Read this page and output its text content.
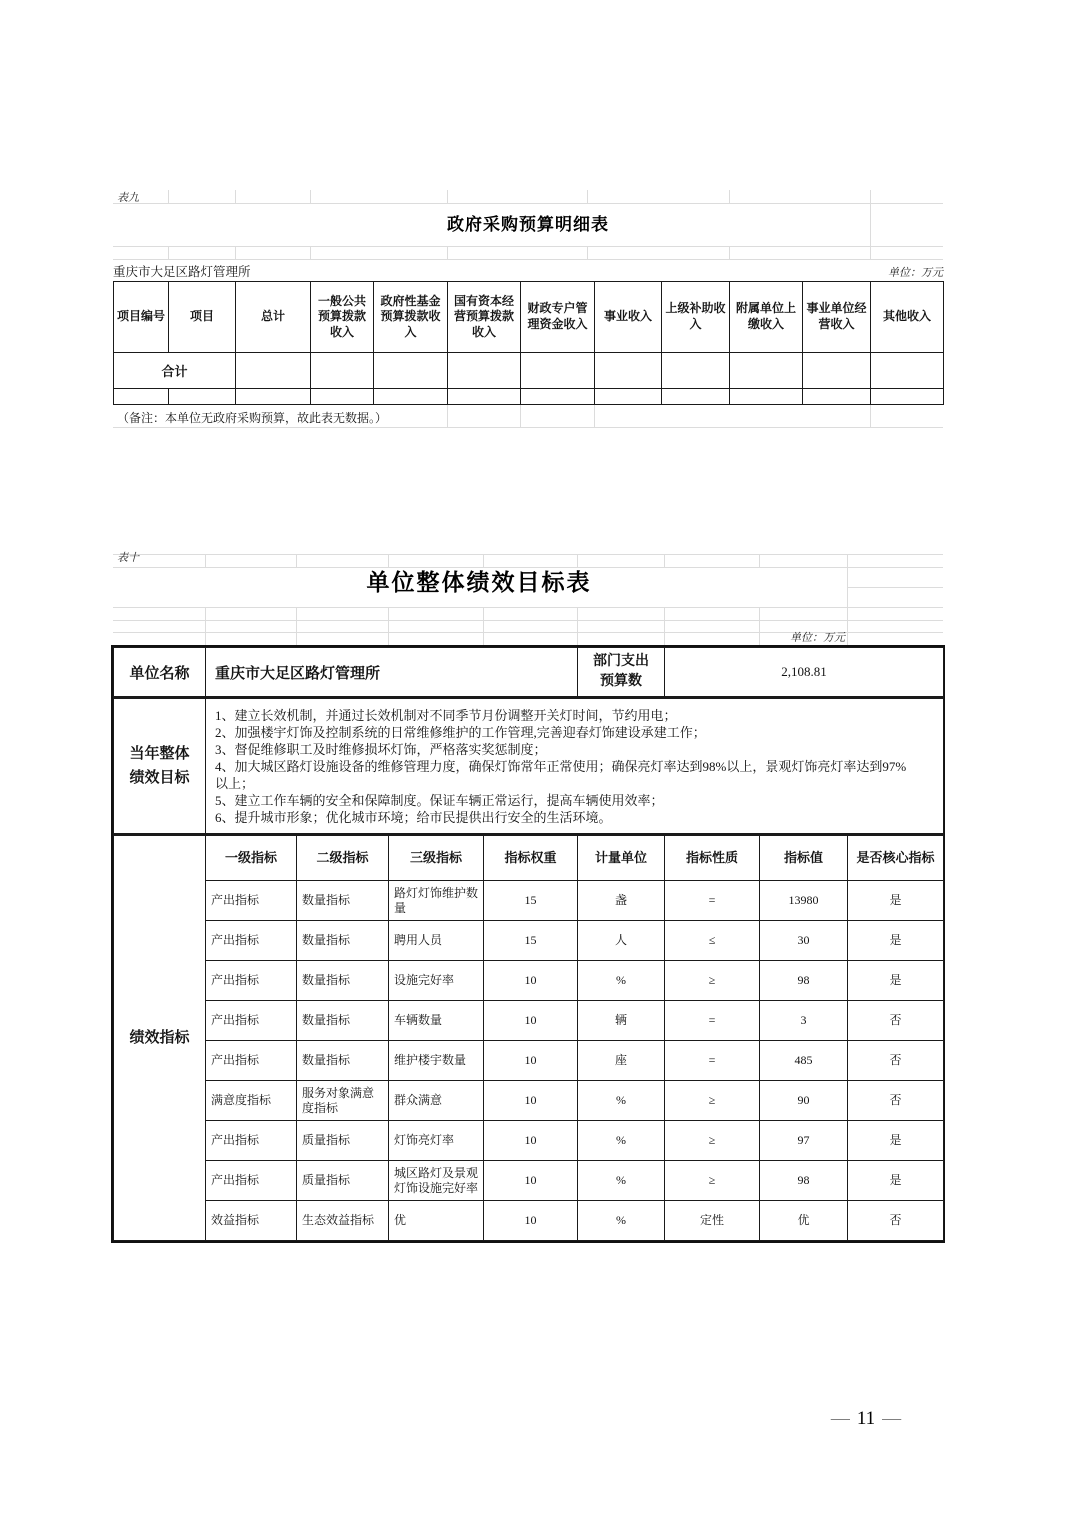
表九
政府采购预算明细表
重庆市大足区路灯管理所	单位：万元
项目编号	项目	总计	一般公共预算拨款收入	政府性基金预算拨款收入	国有资本经营预算拨款收入	财政专户管理资金收入	事业收入	上级补助收入	附属单位上缴收入	事业单位经营收入	其他收入
合计											

（备注：本单位无政府采购预算，故此表无数据。）
表十
单位整体绩效目标表
单位：万元
单位名称	重庆市大足区路灯管理所	部门支出预算数	2,108.81
当年整体绩效目标	
1、建立长效机制，并通过长效机制对不同季节月份调整开关灯时间，节约用电；
2、加强楼宇灯饰及控制系统的日常维修维护的工作管理,完善迎春灯饰建设承建工作；
3、督促维修职工及时维修损坏灯饰，严格落实奖惩制度；
4、加大城区路灯设施设备的维修管理力度，确保灯饰常年正常使用；确保亮灯率达到98%以上，景观灯饰亮灯率达到97%以上；
5、建立工作车辆的安全和保障制度。保证车辆正常运行，提高车辆使用效率；
6、提升城市形象；优化城市环境；给市民提供出行安全的生活环境。
绩效指标	一级指标	二级指标	三级指标	指标权重	计量单位	指标性质	指标值	是否核心指标
	产出指标	数量指标	路灯灯饰维护数量	15	盏	=	13980	是
	产出指标	数量指标	聘用人员	15	人	≤	30	是
	产出指标	数量指标	设施完好率	10	%	≥	98	是
	产出指标	数量指标	车辆数量	10	辆	=	3	否
	产出指标	数量指标	维护楼宇数量	10	座	=	485	否
	满意度指标	服务对象满意度指标	群众满意	10	%	≥	90	否
	产出指标	质量指标	灯饰亮灯率	10	%	≥	97	是
	产出指标	质量指标	城区路灯及景观灯饰设施完好率	10	%	≥	98	是
	效益指标	生态效益指标	优	10	%	定性	优	否
— 11 —
